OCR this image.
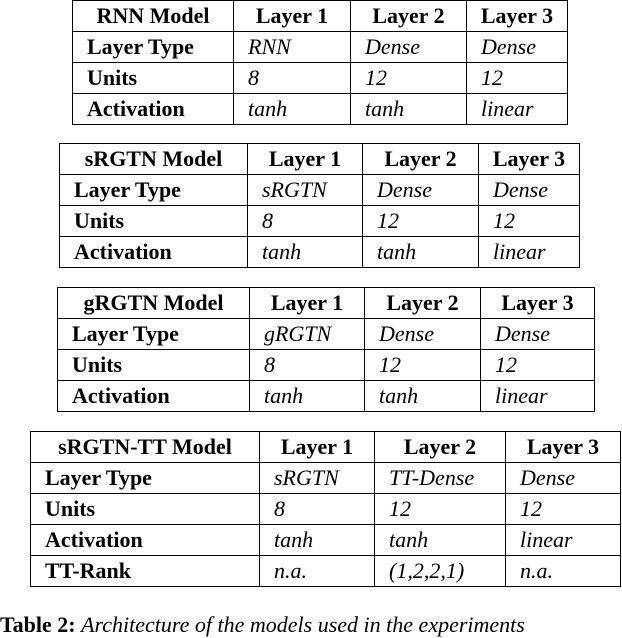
RNN Model	Layer 1	Layer 2	Layer 3
Layer Type	RNN	Dense	Dense
Units	8	12	12
Activation	tanh	tanh	linear
sRGTN Model	Layer 1	Layer 2	Layer 3
Layer Type	sRGTN	Dense	Dense
Units	8	12	12
Activation	tanh	tanh	linear
gRGTN Model	Layer 1	Layer 2	Layer 3
Layer Type	gRGTN	Dense	Dense
Units	8	12	12
Activation	tanh	tanh	linear
sRGTN-TT Model	Layer 1	Layer 2	Layer 3
Layer Type	sRGTN	TT-Dense	Dense
Units	8	12	12
Activation	tanh	tanh	linear
TT-Rank	n.a.	(1,2,2,1)	n.a.
Table 2: Architecture of the models used in the experiments
